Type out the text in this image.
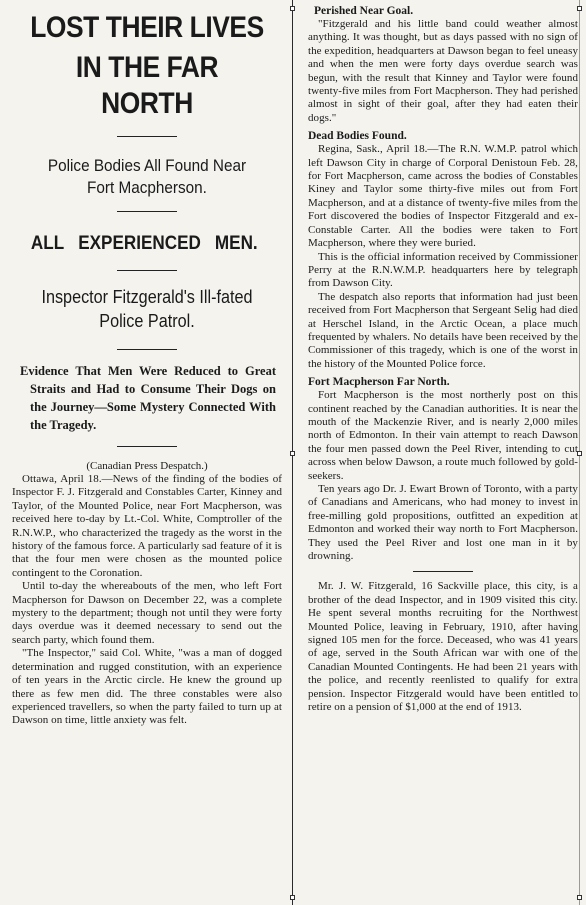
LOST THEIR LIVES
IN THE FAR NORTH
Police Bodies All Found Near
Fort Macpherson.
ALL EXPERIENCED MEN.
Inspector Fitzgerald's Ill-fated
Police Patrol.
Evidence That Men Were Reduced to Great Straits and Had to Consume Their Dogs on the Journey—Some Mystery Connected With the Tragedy.
(Canadian Press Despatch.)

Ottawa, April 18.—News of the finding of the bodies of Inspector F. J. Fitzgerald and Constables Carter, Kinney and Taylor, of the Mounted Police, near Fort Macpherson, was received here to-day by Lt.-Col. White, Comptroller of the R.N.W.P., who characterized the tragedy as the worst in the history of the famous force. A particularly sad feature of it is that the four men were chosen as the mounted police contingent to the Coronation.

Until to-day the whereabouts of the men, who left Fort Macpherson for Dawson on December 22, was a complete mystery to the department; though not until they were forty days overdue was it deemed necessary to send out the search party, which found them.

"The Inspector," said Col. White, "was a man of dogged determination and rugged constitution, with an experience of ten years in the Arctic circle. He knew the ground up there as few men did. The three constables were also experienced travellers, so when the party failed to turn up at Dawson on time, little anxiety was felt.

Perished Near Goal.

"Fitzgerald and his little band could weather almost anything. It was thought, but as days passed with no sign of the expedition, headquarters at Dawson began to feel uneasy and when the men were forty days overdue search was begun, with the result that Kinney and Taylor were found twenty-five miles from Fort Macpherson. They had perished almost in sight of their goal, after they had eaten their dogs."

Dead Bodies Found.

Regina, Sask., April 18.—The R.N. W.M.P. patrol which left Dawson City in charge of Corporal Denistoun Feb. 28, for Fort Macpherson, came across the bodies of Constables Kiney and Taylor some thirty-five miles out from Fort Macpherson, and at a distance of twenty-five miles from the Fort discovered the bodies of Inspector Fitzgerald and ex-Constable Carter. All the bodies were taken to Fort Macpherson, where they were buried.

This is the official information received by Commissioner Perry at the R.N.W.M.P. headquarters here by telegraph from Dawson City.

The despatch also reports that information had just been received from Fort Macpherson that Sergeant Selig had died at Herschel Island, in the Arctic Ocean, a place much frequented by whalers. No details have been received by the Commissioner of this tragedy, which is one of the worst in the history of the Mounted Police force.

Fort Macpherson Far North.

Fort Macpherson is the most northerly post on this continent reached by the Canadian authorities. It is near the mouth of the Mackenzie River, and is nearly 2,000 miles north of Edmonton. In their vain attempt to reach Dawson the four men passed down the Peel River, intending to cut across when below Dawson, a route much followed by gold-seekers.

Ten years ago Dr. J. Ewart Brown of Toronto, with a party of Canadians and Americans, who had money to invest in free-milling gold propositions, outfitted an expedition at Edmonton and worked their way north to Fort Macpherson. They used the Peel River and lost one man in it by drowning.

Mr. J. W. Fitzgerald, 16 Sackville place, this city, is a brother of the dead Inspector, and in 1909 visited this city. He spent several months recruiting for the Northwest Mounted Police, leaving in February, 1910, after having signed 105 men for the force. Deceased, who was 41 years of age, served in the South African war with one of the Canadian Mounted Contingents. He had been 21 years with the police, and recently reenlisted to qualify for extra pension. Inspector Fitzgerald would have been entitled to retire on a pension of $1,000 at the end of 1913.
